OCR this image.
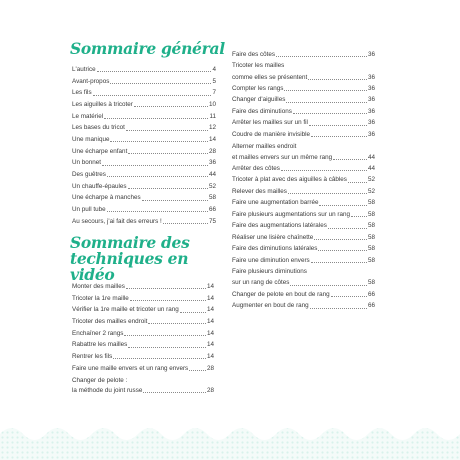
Sommaire général
L'autrice	4
Avant-propos	5
Les fils	7
Les aiguilles à tricoter	10
Le matériel	11
Les bases du tricot	12
Une manique	14
Une écharpe enfant	28
Un bonnet	36
Des guêtres	44
Un chauffe-épaules	52
Une écharpe à manches	58
Un pull tube	66
Au secours, j'ai fait des erreurs !	75
Sommaire des techniques en vidéo
Monter des mailles	14
Tricoter la 1re maille	14
Vérifier la 1re maille et tricoter un rang	14
Tricoter des mailles endroit	14
Enchaîner 2 rangs	14
Rabattre les mailles	14
Rentrer les fils	14
Faire une maille envers et un rang envers	28
Changer de pelote :
la méthode du joint russe	28
Faire des côtes	36
Tricoter les mailles
comme elles se présentent	36
Compter les rangs	36
Changer d'aiguilles	36
Faire des diminutions	36
Arrêter les mailles sur un fil	36
Coudre de manière invisible	36
Alterner mailles endroit
et mailles envers sur un même rang	44
Arrêter des côtes	44
Tricoter à plat avec des aiguilles à câbles	52
Relever des mailles	52
Faire une augmentation barrée	58
Faire plusieurs augmentations sur un rang	58
Faire des augmentations latérales	58
Réaliser une lisière chaînette	58
Faire des diminutions latérales	58
Faire une diminution envers	58
Faire plusieurs diminutions
sur un rang de côtes	58
Changer de pelote en bout de rang	66
Augmenter en bout de rang	66
